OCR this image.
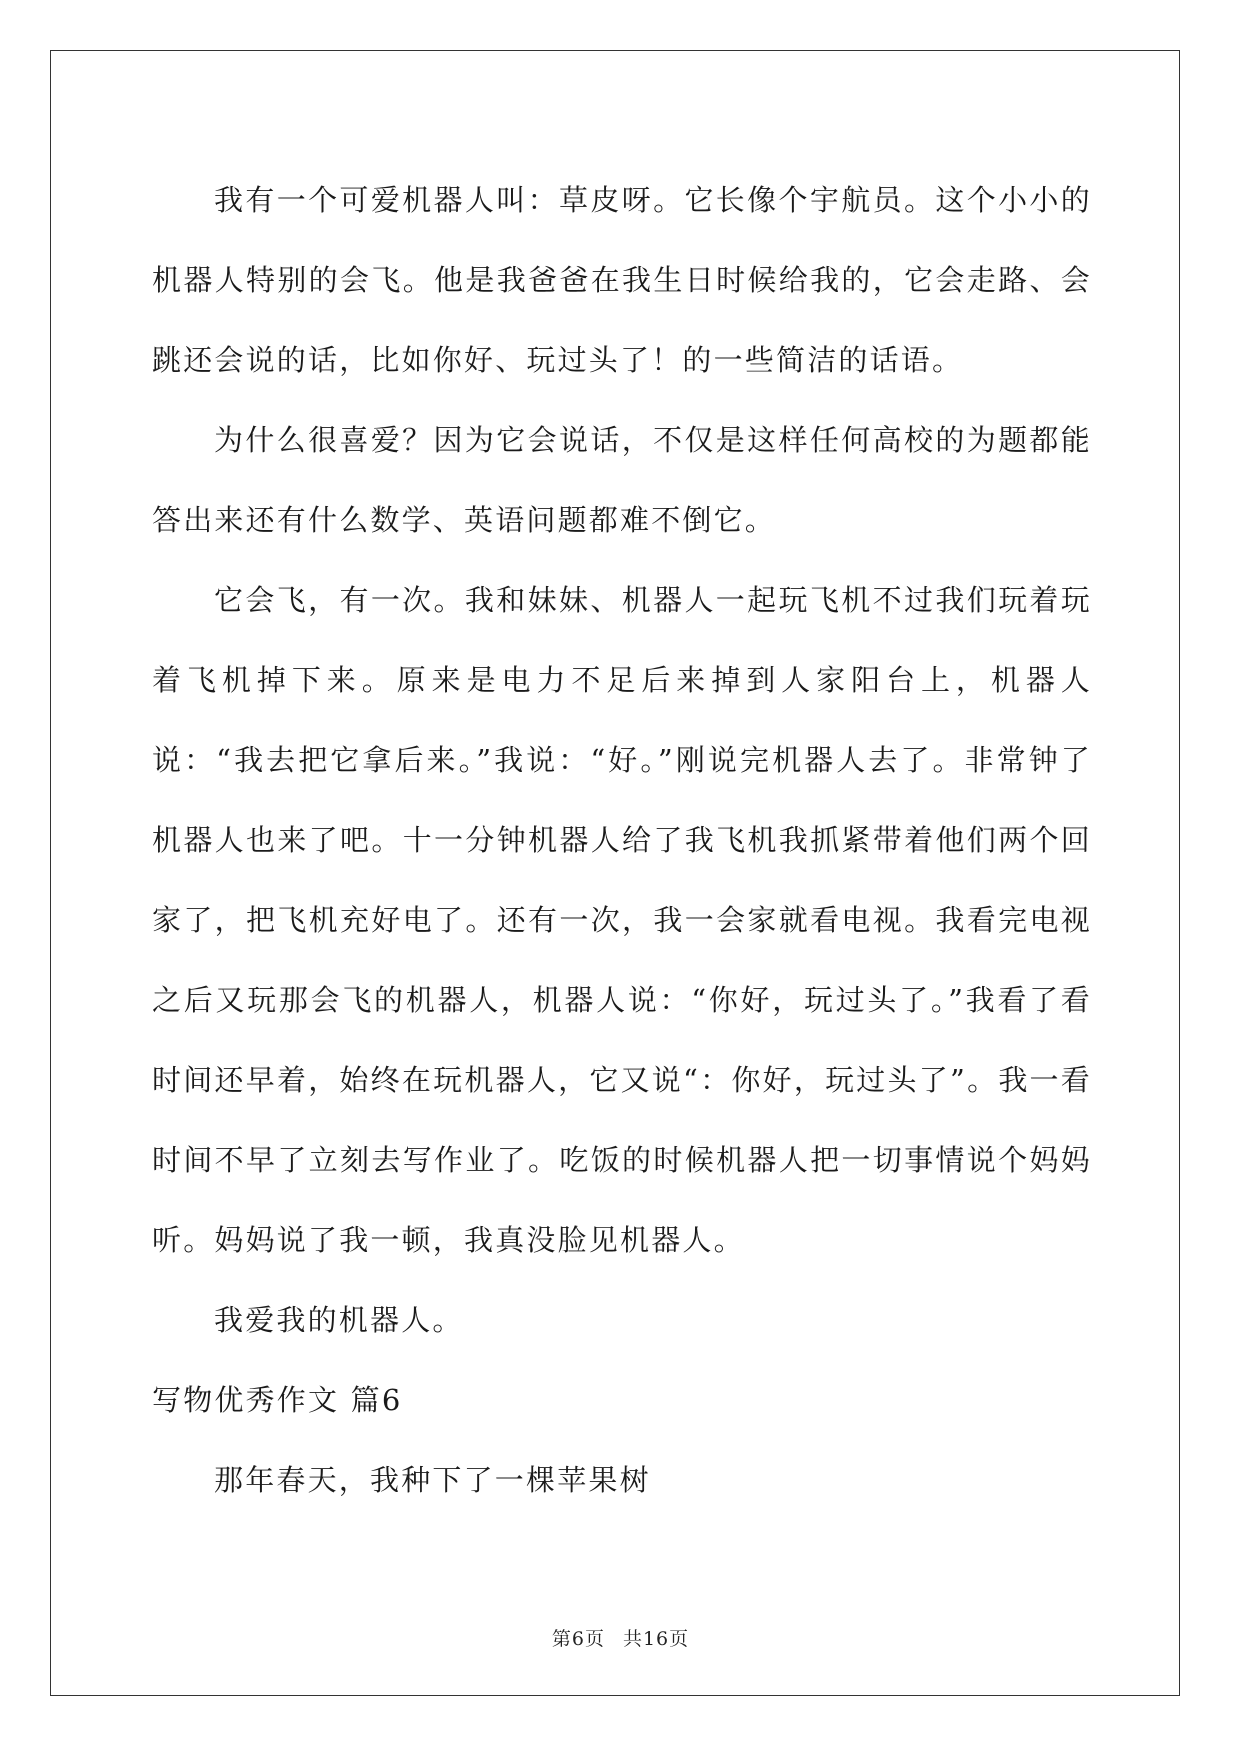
我有一个可爱机器人叫：草皮呀。它长像个宇航员。这个小小的机器人特别的会飞。他是我爸爸在我生日时候给我的，它会走路、会跳还会说的话，比如你好、玩过头了！的一些简洁的话语。

为什么很喜爱？因为它会说话，不仅是这样任何高校的为题都能答出来还有什么数学、英语问题都难不倒它。

它会飞，有一次。我和妹妹、机器人一起玩飞机不过我们玩着玩着飞机掉下来。原来是电力不足后来掉到人家阳台上，机器人说：“我去把它拿后来。”我说：“好。”刚说完机器人去了。非常钟了机器人也来了吧。十一分钟机器人给了我飞机我抓紧带着他们两个回家了，把飞机充好电了。还有一次，我一会家就看电视。我看完电视之后又玩那会飞的机器人，机器人说：“你好，玩过头了。”我看了看时间还早着，始终在玩机器人，它又说“：你好，玩过头了”。我一看时间不早了立刻去写作业了。吃饭的时候机器人把一切事情说个妈妈听。妈妈说了我一顿，我真没脸见机器人。

我爱我的机器人。

写物优秀作文 篇6

那年春天，我种下了一棵苹果树

第6页 共16页
